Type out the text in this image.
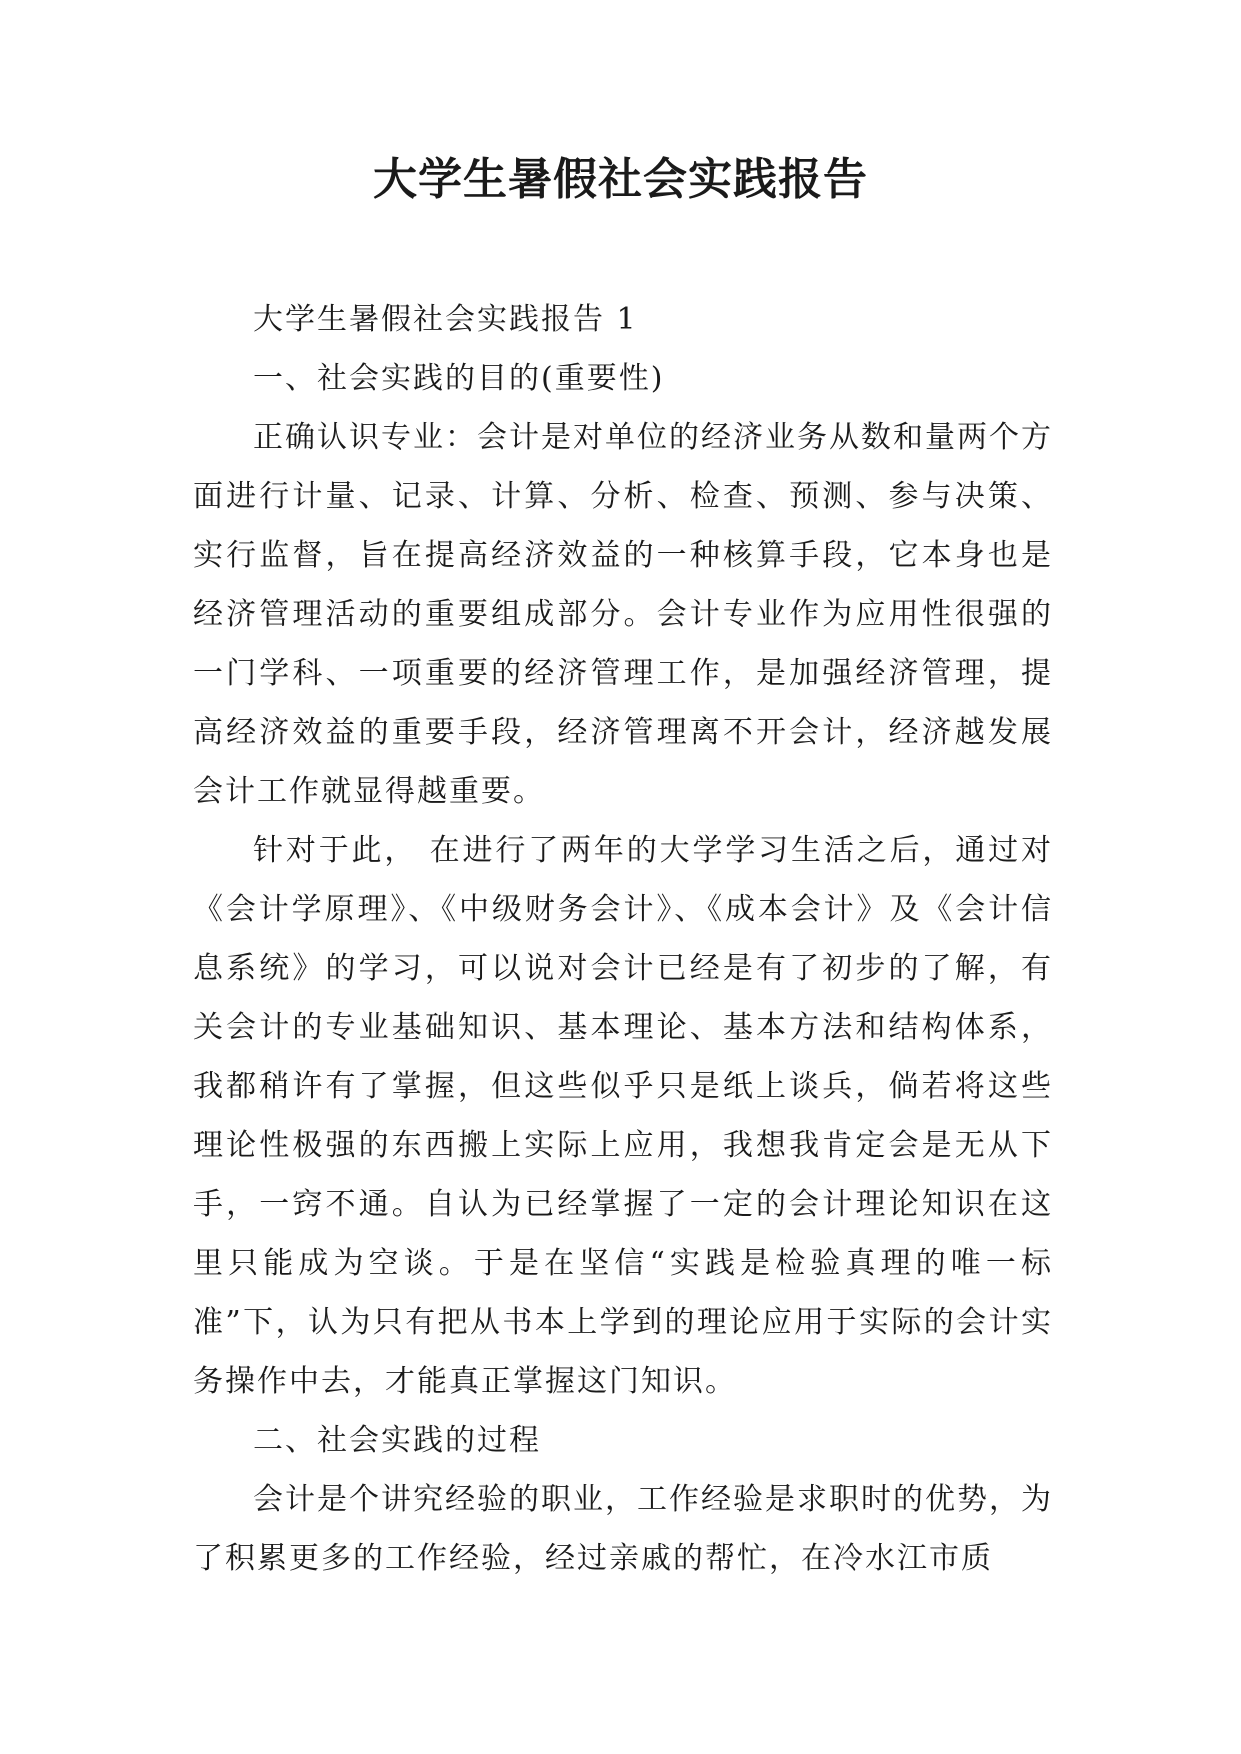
大学生暑假社会实践报告

大学生暑假社会实践报告 1

一、社会实践的目的(重要性)

正确认识专业：会计是对单位的经济业务从数和量两个方面进行计量、记录、计算、分析、检查、预测、参与决策、实行监督，旨在提高经济效益的一种核算手段，它本身也是经济管理活动的重要组成部分。会计专业作为应用性很强的一门学科、一项重要的经济管理工作，是加强经济管理，提高经济效益的重要手段，经济管理离不开会计，经济越发展会计工作就显得越重要。

针对于此， 在进行了两年的大学学习生活之后，通过对《会计学原理》、《中级财务会计》、《成本会计》及《会计信息系统》的学习，可以说对会计已经是有了初步的了解，有关会计的专业基础知识、基本理论、基本方法和结构体系，我都稍许有了掌握，但这些似乎只是纸上谈兵，倘若将这些理论性极强的东西搬上实际上应用，我想我肯定会是无从下手，一窍不通。自认为已经掌握了一定的会计理论知识在这里只能成为空谈。于是在坚信“实践是检验真理的唯一标准”下，认为只有把从书本上学到的理论应用于实际的会计实务操作中去，才能真正掌握这门知识。

二、社会实践的过程

会计是个讲究经验的职业，工作经验是求职时的优势，为了积累更多的工作经验，经过亲戚的帮忙，在冷水江市质
